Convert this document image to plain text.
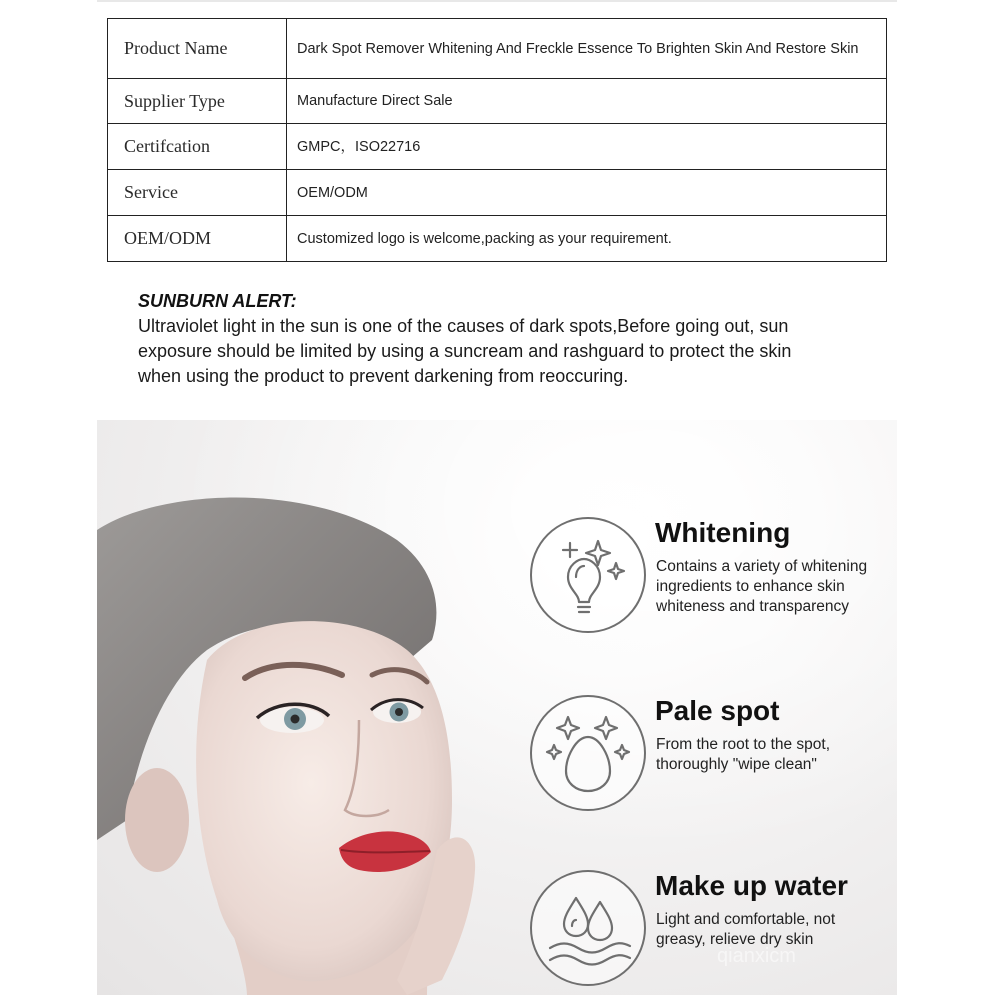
Product Name	Dark Spot Remover Whitening And Freckle Essence To Brighten Skin And Restore Skin
Supplier Type	Manufacture Direct Sale
Certifcation	GMPC，ISO22716
Service	OEM/ODM
OEM/ODM	Customized logo is welcome,packing as your requirement.
SUNBURN ALERT:
Ultraviolet light in the sun is one of the causes of dark spots,Before going out, sun exposure should be limited by using a suncream and rashguard to protect the skin when using the product to prevent darkening from reoccuring.
Whitening
Contains a variety of whitening ingredients to enhance skin whiteness and transparency
Pale spot
From the root to the spot, thoroughly "wipe clean"
Make up water
Light and comfortable, not greasy, relieve dry skin
qianxicm
